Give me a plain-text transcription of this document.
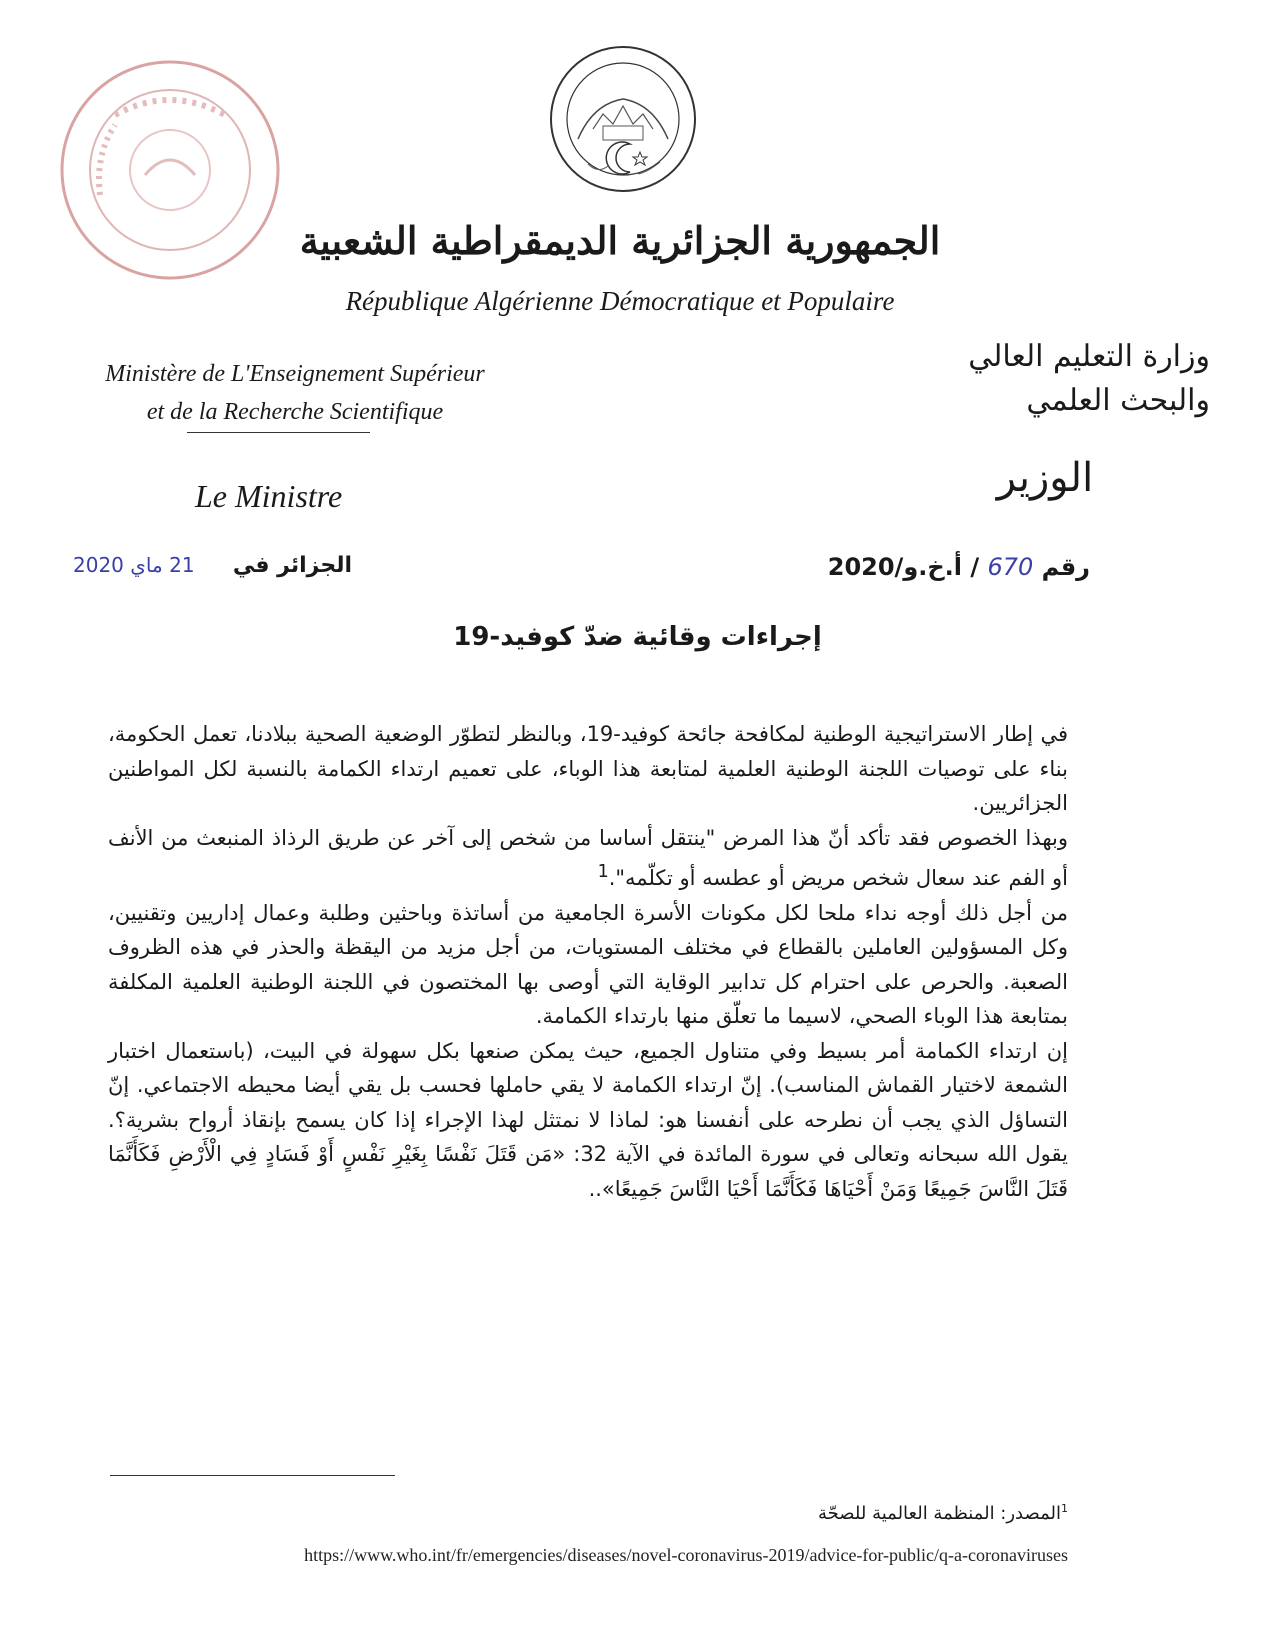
الجمهورية الجزائرية الديمقراطية الشعبية
République Algérienne Démocratique et Populaire
Ministère de L'Enseignement Supérieur
et de la Recherche Scientifique
وزارة التعليم العالي
والبحث العلمي
Le Ministre	الوزير
رقم 670 / أ.خ.و/2020
الجزائر في     21 ماي 2020
إجراءات وقائية ضدّ كوفيد-19

في إطار الاستراتيجية الوطنية لمكافحة جائحة كوفيد-19، وبالنظر لتطوّر الوضعية الصحية ببلادنا، تعمل الحكومة، بناء على توصيات اللجنة الوطنية العلمية لمتابعة هذا الوباء، على تعميم ارتداء الكمامة بالنسبة لكل المواطنين الجزائريين.

وبهذا الخصوص فقد تأكد أنّ هذا المرض "ينتقل أساسا من شخص إلى آخر عن طريق الرذاذ المنبعث من الأنف أو الفم عند سعال شخص مريض أو عطسه أو تكلّمه".$^1$

من أجل ذلك أوجه نداء ملحا لكل مكونات الأسرة الجامعية من أساتذة وباحثين وطلبة وعمال إداريين وتقنيين، وكل المسؤولين العاملين بالقطاع في مختلف المستويات، من أجل مزيد من اليقظة والحذر في هذه الظروف الصعبة. والحرص على احترام كل تدابير الوقاية التي أوصى بها المختصون في اللجنة الوطنية العلمية المكلفة بمتابعة هذا الوباء الصحي، لاسيما ما تعلّق منها بارتداء الكمامة.

إن ارتداء الكمامة أمر بسيط وفي متناول الجميع، حيث يمكن صنعها بكل سهولة في البيت، (باستعمال اختبار الشمعة لاختيار القماش المناسب). إنّ ارتداء الكمامة لا يقي حاملها فحسب بل يقي أيضا محيطه الاجتماعي. إنّ التساؤل الذي يجب أن نطرحه على أنفسنا هو: لماذا لا نمتثل لهذا الإجراء إذا كان يسمح بإنقاذ أرواح بشرية؟. يقول الله سبحانه وتعالى في سورة المائدة في الآية 32: «مَن قَتَلَ نَفْسًا بِغَيْرِ نَفْسٍ أَوْ فَسَادٍ فِي الْأَرْضِ فَكَأَنَّمَا قَتَلَ النَّاسَ جَمِيعًا وَمَنْ أَحْيَاهَا فَكَأَنَّمَا أَحْيَا النَّاسَ جَمِيعًا»..

$^1$المصدر: المنظمة العالمية للصحّة
https://www.who.int/fr/emergencies/diseases/novel-coronavirus-2019/advice-for-public/q-a-coronaviruses
